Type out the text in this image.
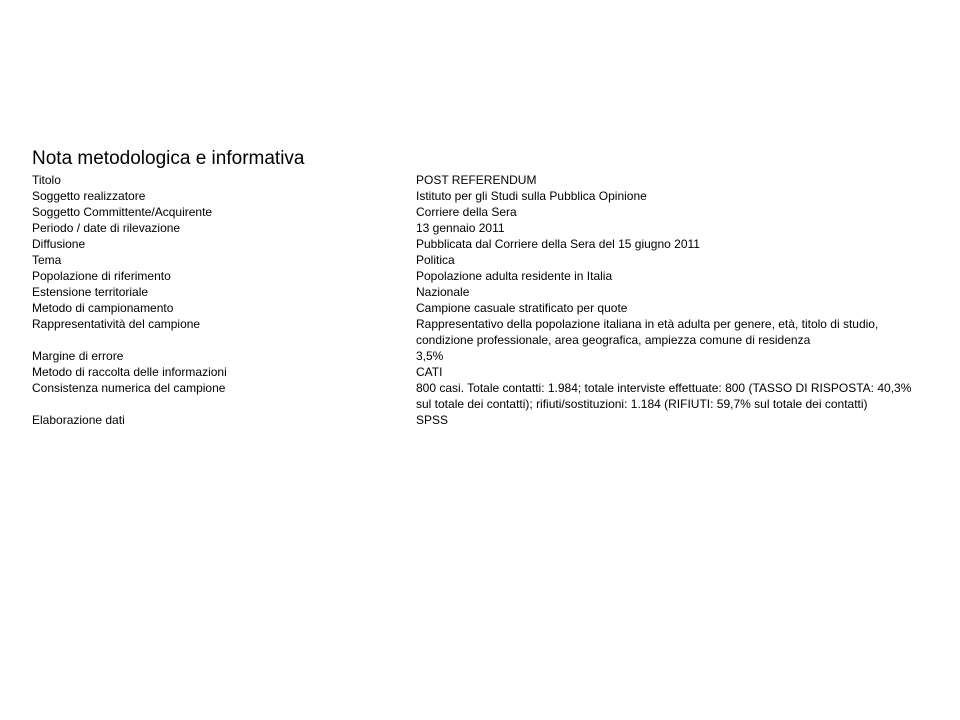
Nota metodologica e informativa
Titolo	POST REFERENDUM
Soggetto realizzatore	Istituto per gli Studi sulla Pubblica Opinione
Soggetto Committente/Acquirente	Corriere della Sera
Periodo / date di rilevazione	13 gennaio 2011
Diffusione	Pubblicata dal Corriere della Sera del 15 giugno 2011
Tema	Politica
Popolazione di riferimento	Popolazione adulta residente in Italia
Estensione territoriale	Nazionale
Metodo di campionamento	Campione casuale stratificato per quote
Rappresentatività del campione	Rappresentativo della popolazione italiana in età adulta per genere, età, titolo di studio, condizione professionale, area geografica, ampiezza comune di residenza
Margine di errore	3,5%
Metodo di raccolta delle informazioni	CATI
Consistenza numerica del campione	800 casi. Totale contatti: 1.984; totale interviste effettuate: 800 (TASSO DI RISPOSTA: 40,3% sul totale dei contatti); rifiuti/sostituzioni: 1.184 (RIFIUTI: 59,7% sul totale dei contatti)
Elaborazione dati	SPSS
